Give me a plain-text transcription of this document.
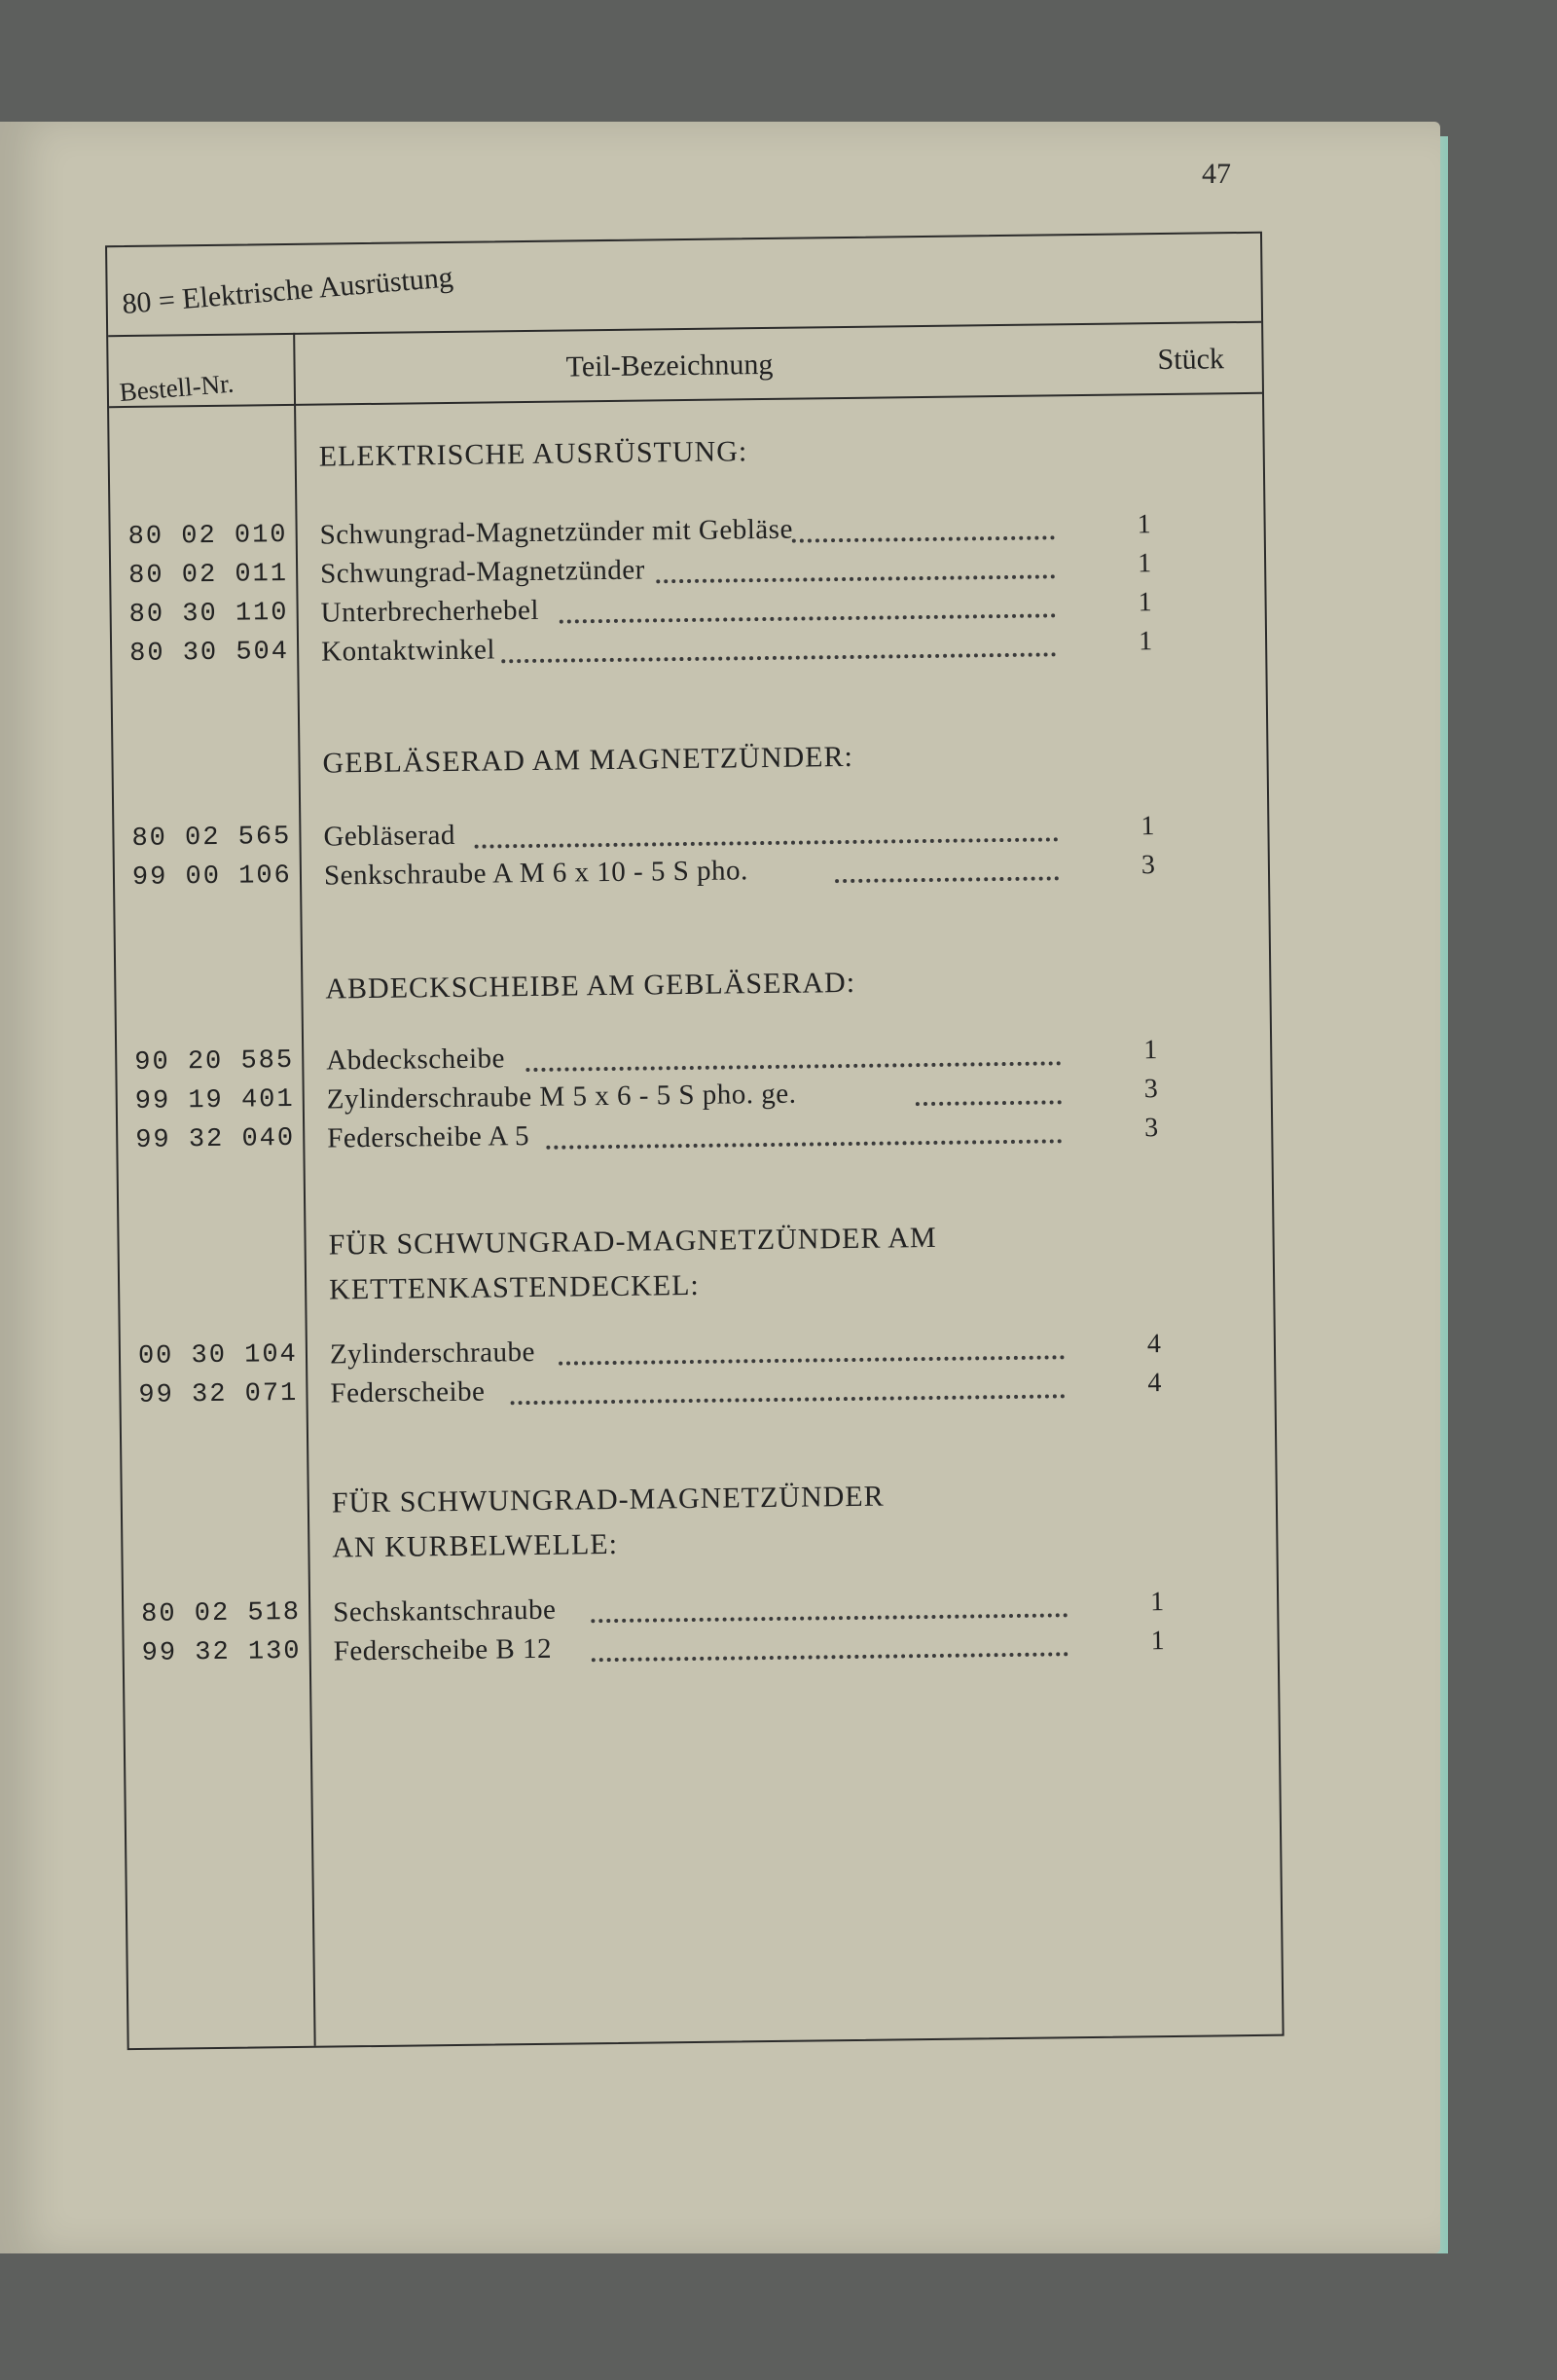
47
80 = Elektrische Ausrüstung
Bestell-Nr.
Teil-Bezeichnung	Stück
ELEKTRISCHE AUSRÜSTUNG:
80 02 010 Schwungrad-Magnetzünder mit Gebläse	1
80 02 011 Schwungrad-Magnetzünder	1
80 30 110 Unterbrecherhebel	1
80 30 504 Kontaktwinkel	1
GEBLÄSERAD AM MAGNETZÜNDER:
80 02 565 Gebläserad	1
99 00 106 Senkschraube A M 6 x 10 - 5 S pho.	3
ABDECKSCHEIBE AM GEBLÄSERAD:
90 20 585 Abdeckscheibe	1
99 19 401 Zylinderschraube M 5 x 6 - 5 S pho. ge.	3
99 32 040 Federscheibe A 5	3
FÜR SCHWUNGRAD-MAGNETZÜNDER AM
KETTENKASTENDECKEL:
00 30 104 Zylinderschraube	4
99 32 071 Federscheibe	4
FÜR SCHWUNGRAD-MAGNETZÜNDER
AN KURBELWELLE:
80 02 518 Sechskantschraube	1
99 32 130 Federscheibe B 12	1
